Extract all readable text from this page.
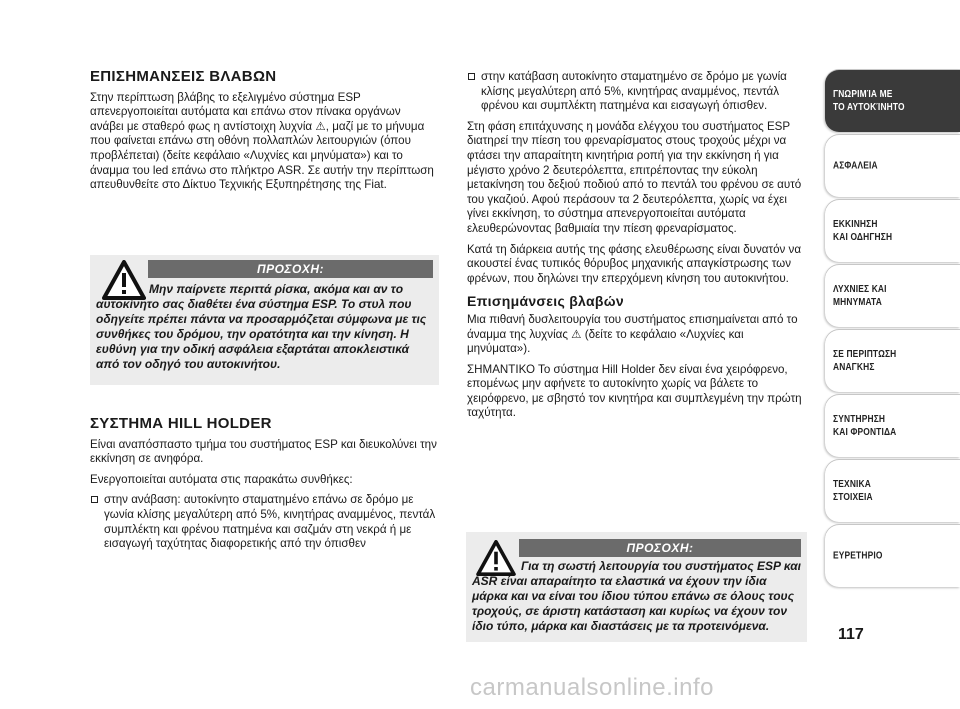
ΕΠΙΣΗΜΑΝΣΕΙΣ ΒΛΑΒΩΝ
Στην περίπτωση βλάβης το εξελιγμένο σύστημα ESP απενεργοποιείται αυτόματα και επάνω στον πίνακα οργάνων ανάβει με σταθερό φως η αντίστοιχη λυχνία ⚠, μαζί με το μήνυμα που φαίνεται επάνω στη οθόνη πολλαπλών λειτουργιών (όπου προβλέπεται) (δείτε κεφάλαιο «Λυχνίες και μηνύματα») και το άναμμα του led επάνω στο πλήκτρο ASR. Σε αυτήν την περίπτωση απευθυνθείτε στο Δίκτυο Τεχνικής Εξυπηρέτησης της Fiat.
ΠΡΟΣΟΧΗ:
Μην παίρνετε περιττά ρίσκα, ακόμα και αν το αυτοκίνητο σας διαθέτει ένα σύστημα ESP. Το στυλ που οδηγείτε πρέπει πάντα να προσαρμόζεται σύμφωνα με τις συνθήκες του δρόμου, την ορατότητα και την κίνηση. Η ευθύνη για την οδική ασφάλεια εξαρτάται αποκλειστικά από τον οδηγό του αυτοκινήτου.
ΣΥΣΤΗΜΑ HILL HOLDER
Είναι αναπόσπαστο τμήμα του συστήματος ESP και διευκολύνει την εκκίνηση σε ανηφόρα.
Ενεργοποιείται αυτόματα στις παρακάτω συνθήκες:
στην ανάβαση: αυτοκίνητο σταματημένο επάνω σε δρόμο με γωνία κλίσης μεγαλύτερη από 5%, κινητήρας αναμμένος, πεντάλ συμπλέκτη και φρένου πατημένα και σαζμάν στη νεκρά ή με εισαγωγή ταχύτητας διαφορετικής από την όπισθεν
στην κατάβαση αυτοκίνητο σταματημένο σε δρόμο με γωνία κλίσης μεγαλύτερη από 5%, κινητήρας αναμμένος, πεντάλ φρένου και συμπλέκτη πατημένα και εισαγωγή όπισθεν.
Στη φάση επιτάχυνσης η μονάδα ελέγχου του συστήματος ESP διατηρεί την πίεση του φρεναρίσματος στους τροχούς μέχρι να φτάσει την απαραίτητη κινητήρια ροπή για την εκκίνηση ή για μέγιστο χρόνο 2 δευτερόλεπτα, επιτρέποντας την εύκολη μετακίνηση του δεξιού ποδιού από το πεντάλ του φρένου σε αυτό του γκαζιού. Αφού περάσουν τα 2 δευτερόλεπτα, χωρίς να έχει γίνει εκκίνηση, το σύστημα απενεργοποιείται αυτόματα ελευθερώνοντας βαθμιαία την πίεση φρεναρίσματος.
Κατά τη διάρκεια αυτής της φάσης ελευθέρωσης είναι δυνατόν να ακουστεί ένας τυπικός θόρυβος μηχανικής απαγκίστρωσης των φρένων, που δηλώνει την επερχόμενη κίνηση του αυτοκινήτου.
Επισημάνσεις βλαβών
Μια πιθανή δυσλειτουργία του συστήματος επισημαίνεται από το άναμμα της λυχνίας ⚠ (δείτε το κεφάλαιο «Λυχνίες και μηνύματα»).
ΣΗΜΑΝΤΙΚΟ Το σύστημα Hill Holder δεν είναι ένα χειρόφρενο, επομένως μην αφήνετε το αυτοκίνητο χωρίς να βάλετε το χειρόφρενο, με σβηστό τον κινητήρα και συμπλεγμένη την πρώτη ταχύτητα.
ΠΡΟΣΟΧΗ:
Για τη σωστή λειτουργία του συστήματος ESP και ASR είναι απαραίτητο τα ελαστικά να έχουν την ίδια μάρκα και να είναι του ίδιου τύπου επάνω σε όλους τους τροχούς, σε άριστη κατάσταση και κυρίως να έχουν τον ίδιο τύπο, μάρκα και διαστάσεις με τα προτεινόμενα.
ΓΝΩΡΙΜΊΑ ΜΕ
ΤΟ ΑΥΤΟΚΊΝΗΤΟ
ΑΣΦΑΛΕΙΑ
ΕΚΚΙΝΗΣΗ
ΚΑΙ ΟΔΗΓΗΣΗ
ΛΥΧΝΙΕΣ ΚΑΙ
ΜΗΝΥΜΑΤΑ
ΣΕ ΠΕΡΙΠΤΩΣΗ
ΑΝΑΓΚΗΣ
ΣΥΝΤΗΡΗΣΗ
ΚΑΙ ΦΡΟΝΤΙΔΑ
ΤΕΧΝΙΚΑ
ΣΤΟΙΧΕΙΑ
ΕΥΡΕΤΗΡΙΟ
117
carmanualsonline.info
